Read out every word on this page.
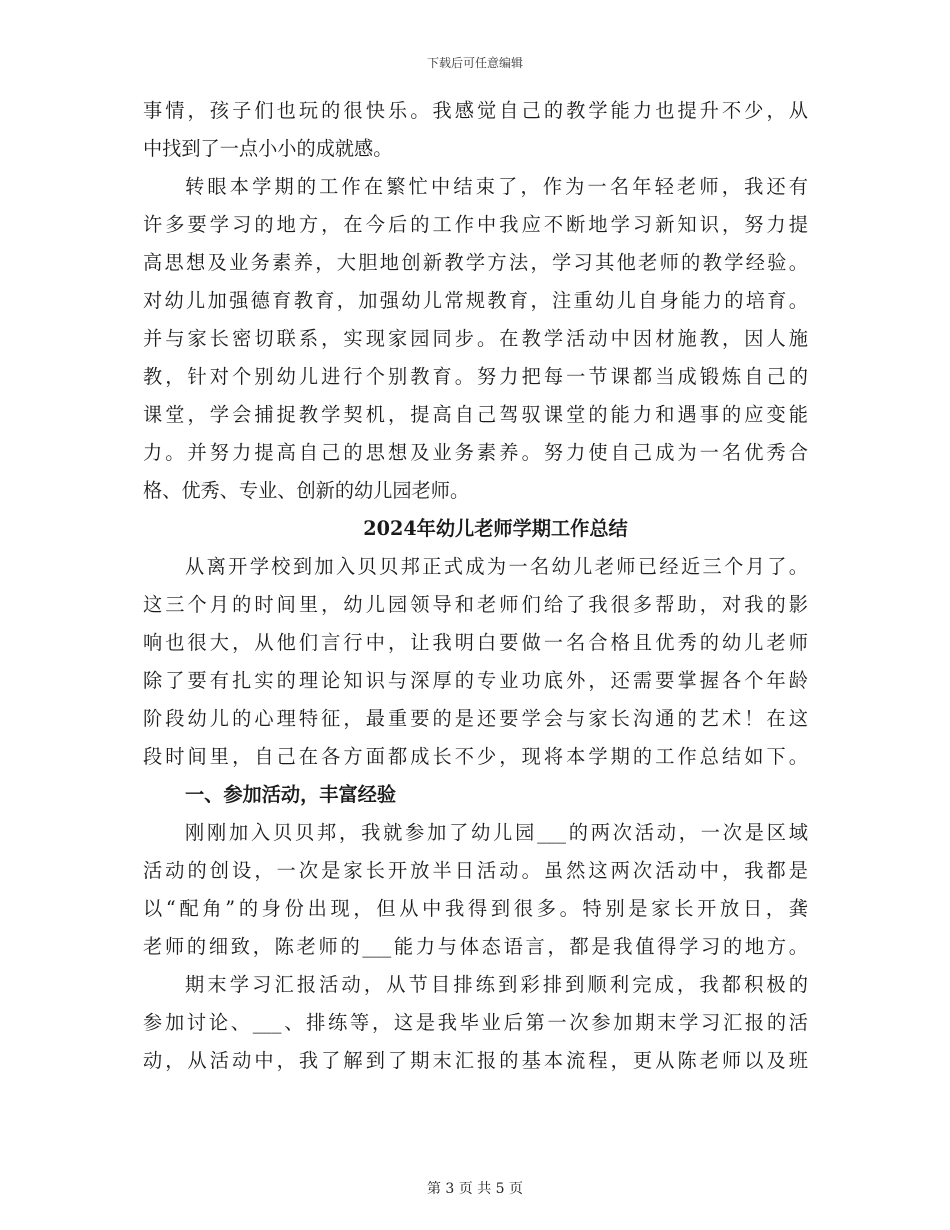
下载后可任意编辑
事情，孩子们也玩的很快乐。我感觉自己的教学能力也提升不少，从
中找到了一点小小的成就感。
转眼本学期的工作在繁忙中结束了，作为一名年轻老师，我还有
许多要学习的地方，在今后的工作中我应不断地学习新知识，努力提
高思想及业务素养，大胆地创新教学方法，学习其他老师的教学经验。
对幼儿加强德育教育，加强幼儿常规教育，注重幼儿自身能力的培育。
并与家长密切联系，实现家园同步。在教学活动中因材施教，因人施
教，针对个别幼儿进行个别教育。努力把每一节课都当成锻炼自己的
课堂，学会捕捉教学契机，提高自己驾驭课堂的能力和遇事的应变能
力。并努力提高自己的思想及业务素养。努力使自己成为一名优秀合
格、优秀、专业、创新的幼儿园老师。
2024年幼儿老师学期工作总结
从离开学校到加入贝贝邦正式成为一名幼儿老师已经近三个月了。
这三个月的时间里，幼儿园领导和老师们给了我很多帮助，对我的影
响也很大，从他们言行中，让我明白要做一名合格且优秀的幼儿老师
除了要有扎实的理论知识与深厚的专业功底外，还需要掌握各个年龄
阶段幼儿的心理特征，最重要的是还要学会与家长沟通的艺术！在这
段时间里，自己在各方面都成长不少，现将本学期的工作总结如下。
一、参加活动，丰富经验
刚刚加入贝贝邦，我就参加了幼儿园___的两次活动，一次是区域
活动的创设，一次是家长开放半日活动。虽然这两次活动中，我都是
以“配角”的身份出现，但从中我得到很多。特别是家长开放日，龚
老师的细致，陈老师的___能力与体态语言，都是我值得学习的地方。
期末学习汇报活动，从节目排练到彩排到顺利完成，我都积极的
参加讨论、___、排练等，这是我毕业后第一次参加期末学习汇报的活
动，从活动中，我了解到了期末汇报的基本流程，更从陈老师以及班
第 3 页 共 5 页
